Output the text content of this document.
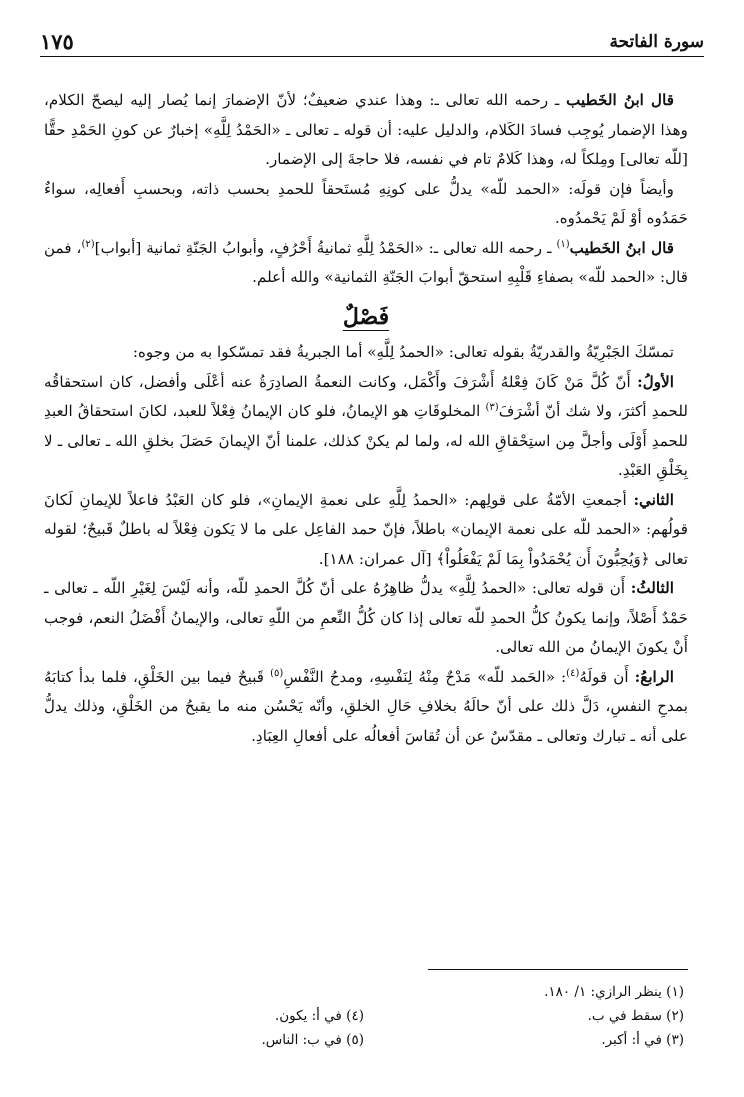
سورة الفاتحة
١٧٥

قال ابنُ الخَطيب ـ رحمه الله تعالى ـ: وهذا عندي ضعيفٌ؛ لأنّ الإضمارَ إنما يُصار إليه ليصحّ الكلام، وهذا الإضمار يُوجِب فسادَ الكَلام، والدليل عليه: أن قوله ـ تعالى ـ «الحَمْدُ لِلَّهِ» إخبارٌ عن كونِ الحَمْدِ حقًّا [للّه تعالى] ومِلكاً له، وهذا كَلامٌ تام في نفسه، فلا حاجةَ إلى الإضمار.

وأيضاً فإن قولَه: «الحمد للّه» يدلُّ على كونِهِ مُستَحقاً للحمدِ بحسب ذاته، وبحسبِ أَفعالِه، سواءٌ حَمَدُوه أوْ لَمْ يَحْمدُوه.

قال ابنُ الخَطيب$^{(١)}$ ـ رحمه الله تعالى ـ: «الحَمْدُ لِلَّهِ ثمانيةُ أَحْرُفٍ، وأبوابُ الجَنّةِ ثمانية [أبواب]$^{(٢)}$، فمن قال: «الحمد للّه» بصفاءِ قَلْبِهِ استحقّ أبوابَ الجَنّةِ الثمانية» والله أعلم.

فَصْلٌ

تمسّكَ الجَبْرِيّةُ والقدريّةُ بقوله تعالى: «الحمدُ لِلَّهِ» أما الجبريةُ فقد تمسّكوا به من وجوه:

الأولُ: أَنّ كُلَّ مَنْ كَانَ فِعْلهُ أَشْرَفَ وأَكْمَل، وكانت النعمةُ الصادِرَةُ عنه أعْلَى وأفضل، كان استحقاقُه للحمدِ أكثرَ، ولا شك أنّ أشْرَفَ$^{(٣)}$ المخلوقَاتِ هو الإيمانُ، فلو كان الإيمانُ فِعْلاً للعبد، لكانَ استحقاقُ العبدِ للحمدِ أَوْلَى وأجلَّ مِن استِحْقاقِ الله له، ولما لم يكنْ كذلك، علمنا أنّ الإيمانَ حَصَلَ بخلقِ الله ـ تعالى ـ لا بِخَلْقِ العَبْدِ.

الثاني: أجمعتِ الأمّةُ على قولِهم: «الحمدُ لِلَّهِ على نعمةِ الإيمانِ»، فلو كان العَبْدُ فاعلاً للإيمانِ لَكانَ قولُهم: «الحمد للّه على نعمة الإيمان» باطلاً، فإنّ حمد الفاعِل على ما لا يَكون فِعْلاً له باطلٌ قَبيحٌ؛ لقوله تعالى ﴿وَيُحِبُّونَ أَن يُحْمَدُواْ بِمَا لَمْ يَفْعَلُواْ﴾ [آل عمران: ١٨٨].

الثالثُ: أَن قوله تعالى: «الحمدُ لِلَّهِ» يدلُّ ظاهِرُهُ على أنّ كُلَّ الحمدِ للّه، وأنه لَيْسَ لِغَيْرِ اللّه ـ تعالى ـ حَمْدٌ أَصْلاً، وإنما يكونُ كلُّ الحمدِ للّه تعالى إذا كان كُلُّ النِّعمِ من اللّهِ تعالى، والإيمانُ أَفْضَلُ النعم، فوجب أَنْ يكونَ الإيمانُ من الله تعالى.

الرابعُ: أَن قولَهُ$^{(٤)}$: «الحَمد للّه» مَدْحٌ مِنْهُ لِنَفْسِهِ، ومدحُ النَّفْسِ$^{(٥)}$ قَبيحٌ فيما بين الخَلْقِ، فلما بدأ كتابَهُ بمدحِ النفسِ، دَلَّ ذلك على أنّ حالَهُ بخلافِ حَالِ الخلقِ، وأنّه يَحْسُن منه ما يقبحُ من الخَلْقِ، وذلك يدلُّ على أنه ـ تبارك وتعالى ـ مقدّسٌ عن أن تُقاسَ أفعالُه على أفعالِ العِبَادِ.

(١) ينظر الرازي: ١/ ١٨٠.
(٢) سقط في ب.
(٣) في أ: أكبر.
(٤) في أ: يكون.
(٥) في ب: الناس.
